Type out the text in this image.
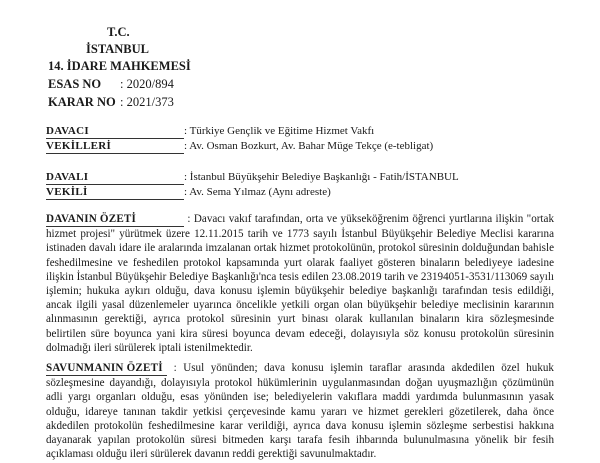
T.C.
İSTANBUL
14. İDARE MAHKEMESİ
ESAS NO : 2020/894
KARAR NO : 2021/373
DAVACI	: Türkiye Gençlik ve Eğitime Hizmet Vakfı
VEKİLLERİ	: Av. Osman Bozkurt, Av. Bahar Müge Tekçe (e-tebligat)
DAVALI	: İstanbul Büyükşehir Belediye Başkanlığı - Fatih/İSTANBUL
VEKİLİ	: Av. Sema Yılmaz (Aynı adreste)
DAVANIN ÖZETİ	: Davacı vakıf tarafından, orta ve yükseköğrenim öğrenci yurtlarına ilişkin "ortak hizmet projesi" yürütmek üzere 12.11.2015 tarih ve 1773 sayılı İstanbul Büyükşehir Belediye Meclisi kararına istinaden davalı idare ile aralarında imzalanan ortak hizmet protokolünün, protokol süresinin dolduğundan bahisle feshedilmesine ve feshedilen protokol kapsamında yurt olarak faaliyet gösteren binaların belediyeye iadesine ilişkin İstanbul Büyükşehir Belediye Başkanlığı'nca tesis edilen 23.08.2019 tarih ve 23194051-3531/113069 sayılı işlemin; hukuka aykırı olduğu, dava konusu işlemin büyükşehir belediye başkanlığı tarafından tesis edildiği, ancak ilgili yasal düzenlemeler uyarınca öncelikle yetkili organ olan büyükşehir belediye meclisinin kararının alınmasının gerektiği, ayrıca protokol süresinin yurt binası olarak kullanılan binaların kira sözleşmesinde belirtilen süre boyunca yani kira süresi boyunca devam edeceği, dolayısıyla söz konusu protokolün süresinin dolmadığı ileri sürülerek iptali istenilmektedir.
SAVUNMANIN ÖZETİ : Usul yönünden; dava konusu işlemin taraflar arasında akdedilen özel hukuk sözleşmesine dayandığı, dolayısıyla protokol hükümlerinin uygulanmasından doğan uyuşmazlığın çözümünün adli yargı organları olduğu, esas yönünden ise; belediyelerin vakıflara maddi yardımda bulunmasının yasak olduğu, idareye tanınan takdir yetkisi çerçevesinde kamu yararı ve hizmet gerekleri gözetilerek, daha önce akdedilen protokolün feshedilmesine karar verildiği, ayrıca dava konusu işlemin sözleşme serbestisi hakkına dayanarak yapılan protokolün süresi bitmeden karşı tarafa fesih ihbarında bulunulmasına yönelik bir fesih açıklaması olduğu ileri sürülerek davanın reddi gerektiği savunulmaktadır.
